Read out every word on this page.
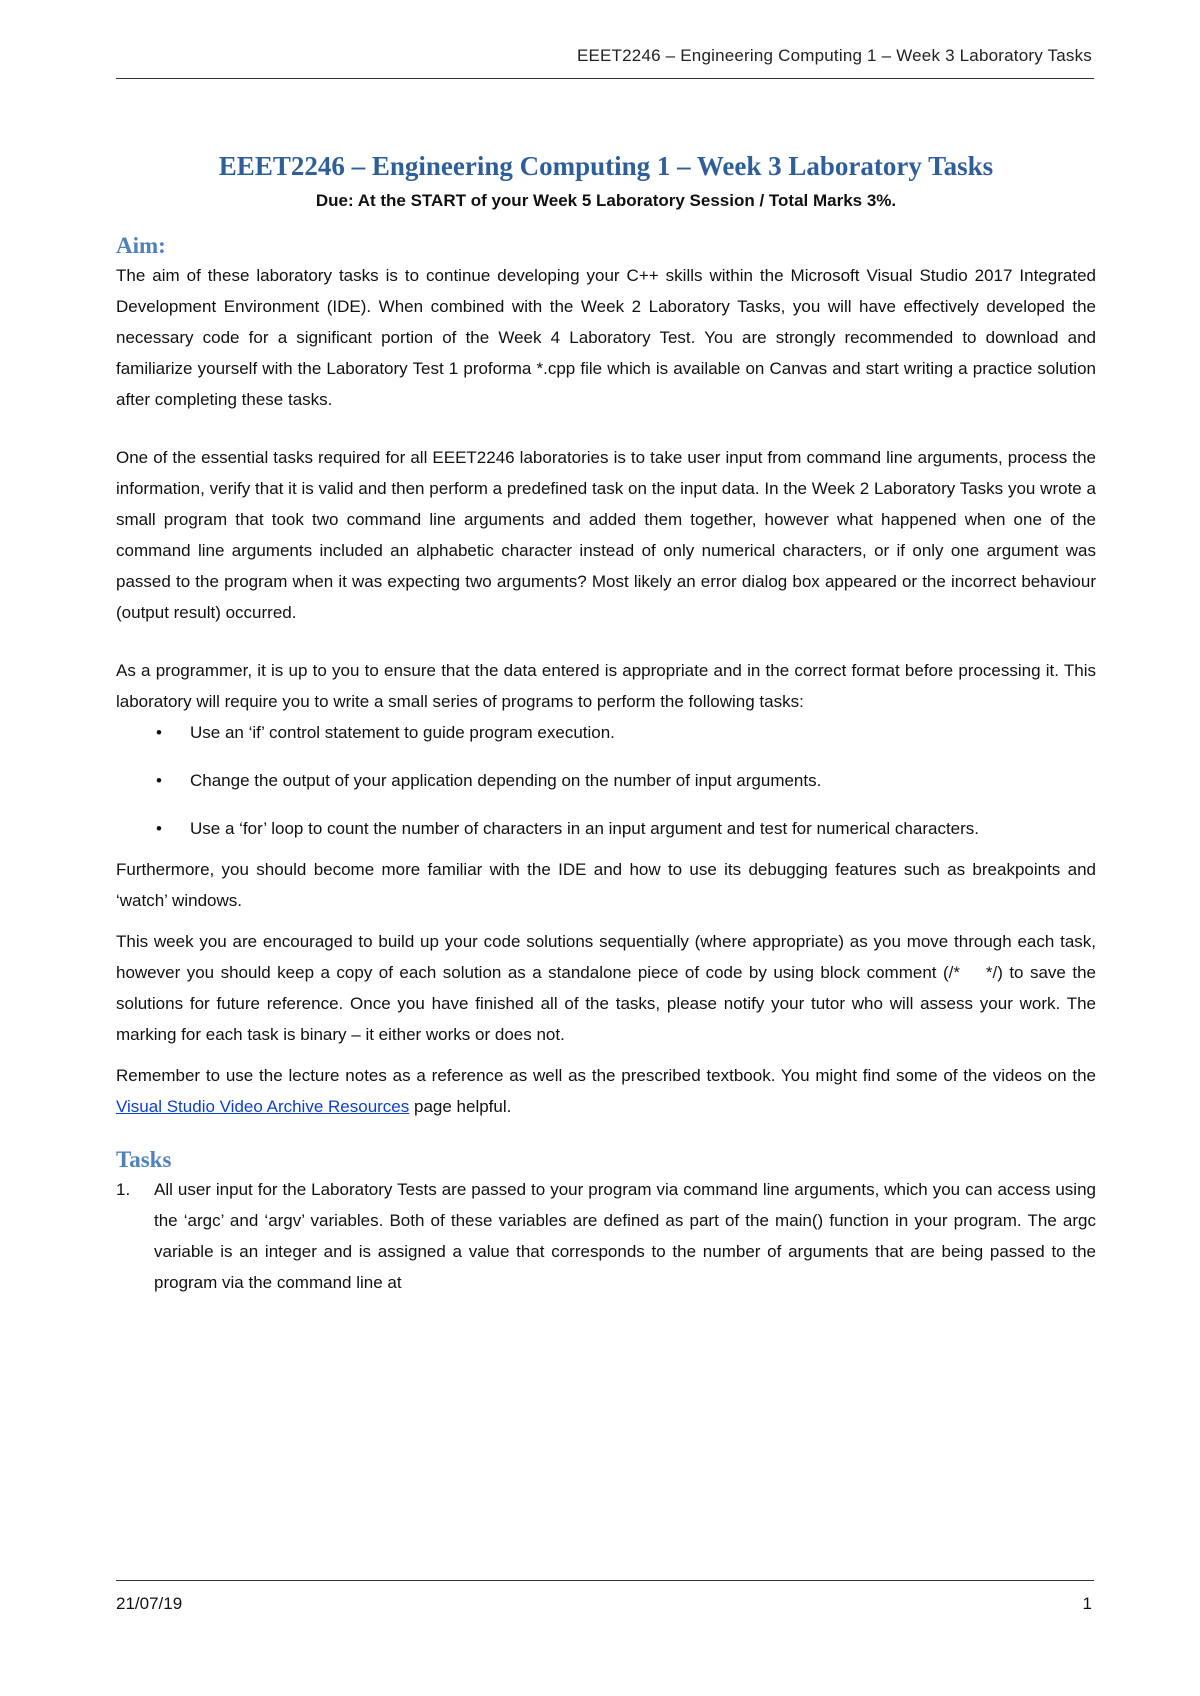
EEET2246 – Engineering Computing 1 – Week 3 Laboratory Tasks
EEET2246 – Engineering Computing 1 – Week 3 Laboratory Tasks
Due: At the START of your Week 5 Laboratory Session / Total Marks 3%.
Aim:

The aim of these laboratory tasks is to continue developing your C++ skills within the Microsoft Visual Studio 2017 Integrated Development Environment (IDE). When combined with the Week 2 Laboratory Tasks, you will have effectively developed the necessary code for a significant portion of the Week 4 Laboratory Test. You are strongly recommended to download and familiarize yourself with the Laboratory Test 1 proforma *.cpp file which is available on Canvas and start writing a practice solution after completing these tasks.

One of the essential tasks required for all EEET2246 laboratories is to take user input from command line arguments, process the information, verify that it is valid and then perform a predefined task on the input data. In the Week 2 Laboratory Tasks you wrote a small program that took two command line arguments and added them together, however what happened when one of the command line arguments included an alphabetic character instead of only numerical characters, or if only one argument was passed to the program when it was expecting two arguments? Most likely an error dialog box appeared or the incorrect behaviour (output result) occurred.

As a programmer, it is up to you to ensure that the data entered is appropriate and in the correct format before processing it. This laboratory will require you to write a small series of programs to perform the following tasks:

• Use an ‘if’ control statement to guide program execution.
• Change the output of your application depending on the number of input arguments.
• Use a ‘for’ loop to count the number of characters in an input argument and test for numerical characters.

Furthermore, you should become more familiar with the IDE and how to use its debugging features such as breakpoints and ‘watch’ windows.

This week you are encouraged to build up your code solutions sequentially (where appropriate) as you move through each task, however you should keep a copy of each solution as a standalone piece of code by using block comment (/* */) to save the solutions for future reference. Once you have finished all of the tasks, please notify your tutor who will assess your work. The marking for each task is binary – it either works or does not.

Remember to use the lecture notes as a reference as well as the prescribed textbook. You might find some of the videos on the Visual Studio Video Archive Resources page helpful.

Tasks
1. All user input for the Laboratory Tests are passed to your program via command line arguments, which you can access using the ‘argc’ and ‘argv’ variables. Both of these variables are defined as part of the main() function in your program. The argc variable is an integer and is assigned a value that corresponds to the number of arguments that are being passed to the program via the command line at
21/07/19	1
